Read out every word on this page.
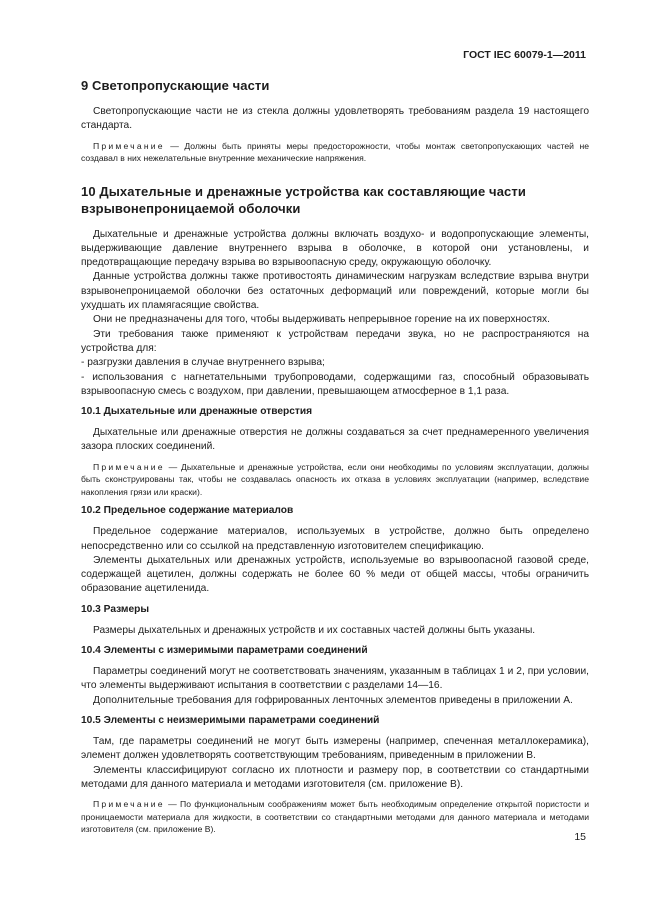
ГОСТ IEC 60079-1—2011
9 Светопропускающие части

Светопропускающие части не из стекла должны удовлетворять требованиям раздела 19 настоящего стандарта.

Примечание — Должны быть приняты меры предосторожности, чтобы монтаж светопропускающих частей не создавал в них нежелательные внутренние механические напряжения.

10 Дыхательные и дренажные устройства как составляющие части взрывонепроницаемой оболочки

Дыхательные и дренажные устройства должны включать воздухо- и водопропускающие элементы, выдерживающие давление внутреннего взрыва в оболочке, в которой они установлены, и предотвращающие передачу взрыва во взрывоопасную среду, окружающую оболочку.

Данные устройства должны также противостоять динамическим нагрузкам вследствие взрыва внутри взрывонепроницаемой оболочки без остаточных деформаций или повреждений, которые могли бы ухудшать их пламягасящие свойства.

Они не предназначены для того, чтобы выдерживать непрерывное горение на их поверхностях.

Эти требования также применяют к устройствам передачи звука, но не распространяются на устройства для:

- разгрузки давления в случае внутреннего взрыва;

- использования с нагнетательными трубопроводами, содержащими газ, способный образовывать взрывоопасную смесь с воздухом, при давлении, превышающем атмосферное в 1,1 раза.

10.1 Дыхательные или дренажные отверстия

Дыхательные или дренажные отверстия не должны создаваться за счет преднамеренного увеличения зазора плоских соединений.

Примечание — Дыхательные и дренажные устройства, если они необходимы по условиям эксплуатации, должны быть сконструированы так, чтобы не создавалась опасность их отказа в условиях эксплуатации (например, вследствие накопления грязи или краски).

10.2 Предельное содержание материалов

Предельное содержание материалов, используемых в устройстве, должно быть определено непосредственно или со ссылкой на представленную изготовителем спецификацию.

Элементы дыхательных или дренажных устройств, используемые во взрывоопасной газовой среде, содержащей ацетилен, должны содержать не более 60 % меди от общей массы, чтобы ограничить образование ацетиленида.

10.3 Размеры

Размеры дыхательных и дренажных устройств и их составных частей должны быть указаны.

10.4 Элементы с измеримыми параметрами соединений

Параметры соединений могут не соответствовать значениям, указанным в таблицах 1 и 2, при условии, что элементы выдерживают испытания в соответствии с разделами 14—16.

Дополнительные требования для гофрированных ленточных элементов приведены в приложении А.

10.5 Элементы с неизмеримыми параметрами соединений

Там, где параметры соединений не могут быть измерены (например, спеченная металлокерамика), элемент должен удовлетворять соответствующим требованиям, приведенным в приложении В.

Элементы классифицируют согласно их плотности и размеру пор, в соответствии со стандартными методами для данного материала и методами изготовителя (см. приложение В).

Примечание — По функциональным соображениям может быть необходимым определение открытой пористости и проницаемости материала для жидкости, в соответствии со стандартными методами для данного материала и методами изготовителя (см. приложение В).

15
